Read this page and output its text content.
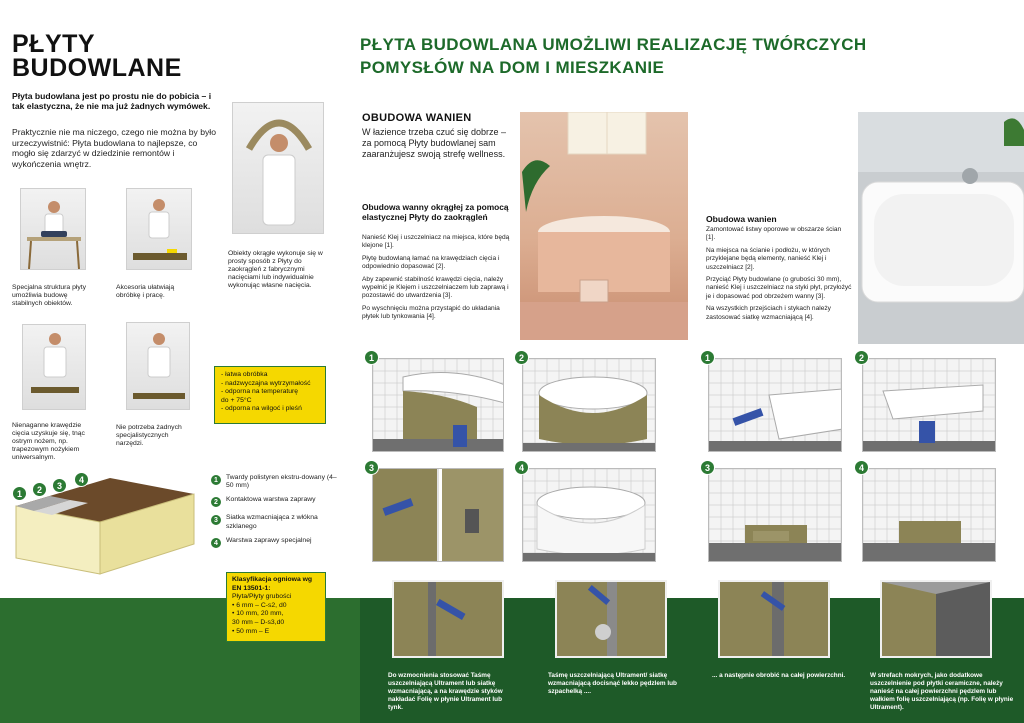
PŁYTY
BUDOWLANE
Płyta budowlana jest po prostu nie do pobicia – i tak elastyczna, że nie ma już żadnych wymówek.
Praktycznie nie ma niczego, czego nie można by było urzeczywistnić: Płyta budowlana to najlepsze, co mogło się zdarzyć w dziedzinie remontów i wykończenia wnętrz.
Specjalna struktura płyty umożliwia budowę stabilnych obiektów.
Akcesoria ułatwiają obróbkę i pracę.
Obiekty okrągłe wykonuje się w prosty sposób z Płyty do zaokrągleń z fabrycznymi nacięciami lub indywidualnie wykonując własne nacięcia.
Nienaganne krawędzie cięcia uzyskuje się, tnąc ostrym nożem, np. trapezowym nożykiem uniwersalnym.
Nie potrzeba żadnych specjalistycznych narzędzi.
- łatwa obróbka
- nadzwyczajna wytrzymałość
- odporna na temperaturę
do + 75°C
- odporna na wilgoć i pleśń
1	2	3
4	1	Twardy polistyren ekstru-dowany (4–50 mm)
2	Kontaktowa warstwa zaprawy
3	Siatka wzmacniająca z włókna szklanego
4	Warstwa zaprawy specjalnej
Klasyfikacja ogniowa wg EN 13501-1:
Płyta/Płyty grubości
• 6 mm – C-s2, d0
• 10 mm, 20 mm,
30 mm – D-s3,d0
• 50 mm – E
PŁYTA BUDOWLANA UMOŻLIWI REALIZACJĘ TWÓRCZYCH
POMYSŁÓW NA DOM I MIESZKANIE
OBUDOWA WANIEN
W łazience trzeba czuć się dobrze – za pomocą Płyty budowlanej sam zaaranżujesz swoją strefę wellness.
Obudowa wanny okrągłej za pomocą elastycznej Płyty do zaokrągleń
Nanieść Klej i uszczelniacz na miejsca, które będą klejone [1].
Płytę budowlaną łamać na krawędziach cięcia i odpowiednio dopasować [2].
Aby zapewnić stabilność krawędzi cięcia, należy wypełnić je Klejem i uszczelniaczem lub zaprawą i pozostawić do utwardzenia [3].
Po wyschnięciu można przystąpić do układania płytek lub tynkowania [4].
Obudowa wanien
Zamontować listwy oporowe w obszarze ścian [1].
Na miejsca na ścianie i podłożu, w których przyklejane będą elementy, nanieść Klej i uszczelniacz [2].
Przyciąć Płyty budowlane (o grubości 30 mm), nanieść Klej i uszczelniacz na styki płyt, przyłożyć je i dopasować pod obrzeżem wanny [3].
Na wszystkich przejściach i stykach należy zastosować siatkę wzmacniającą [4].
1	2
3	4
1	2
3	4
Do wzmocnienia stosować Taśmę uszczelniającą Ultrament lub siatkę wzmacniającą, a na krawędzie styków nakładać Folię w płynie Ultrament lub tynk.
Taśmę uszczelniającą Ultrament/ siatkę wzmacniającą docisnąć lekko pędzlem lub szpachelką ....
... a następnie obrobić na całej powierzchni.	W strefach mokrych, jako dodatkowe uszczelnienie pod płytki ceramiczne, należy nanieść na całej powierzchni pędzlem lub wałkiem folię uszczelniającą (np. Folię w płynie Ultrament).
